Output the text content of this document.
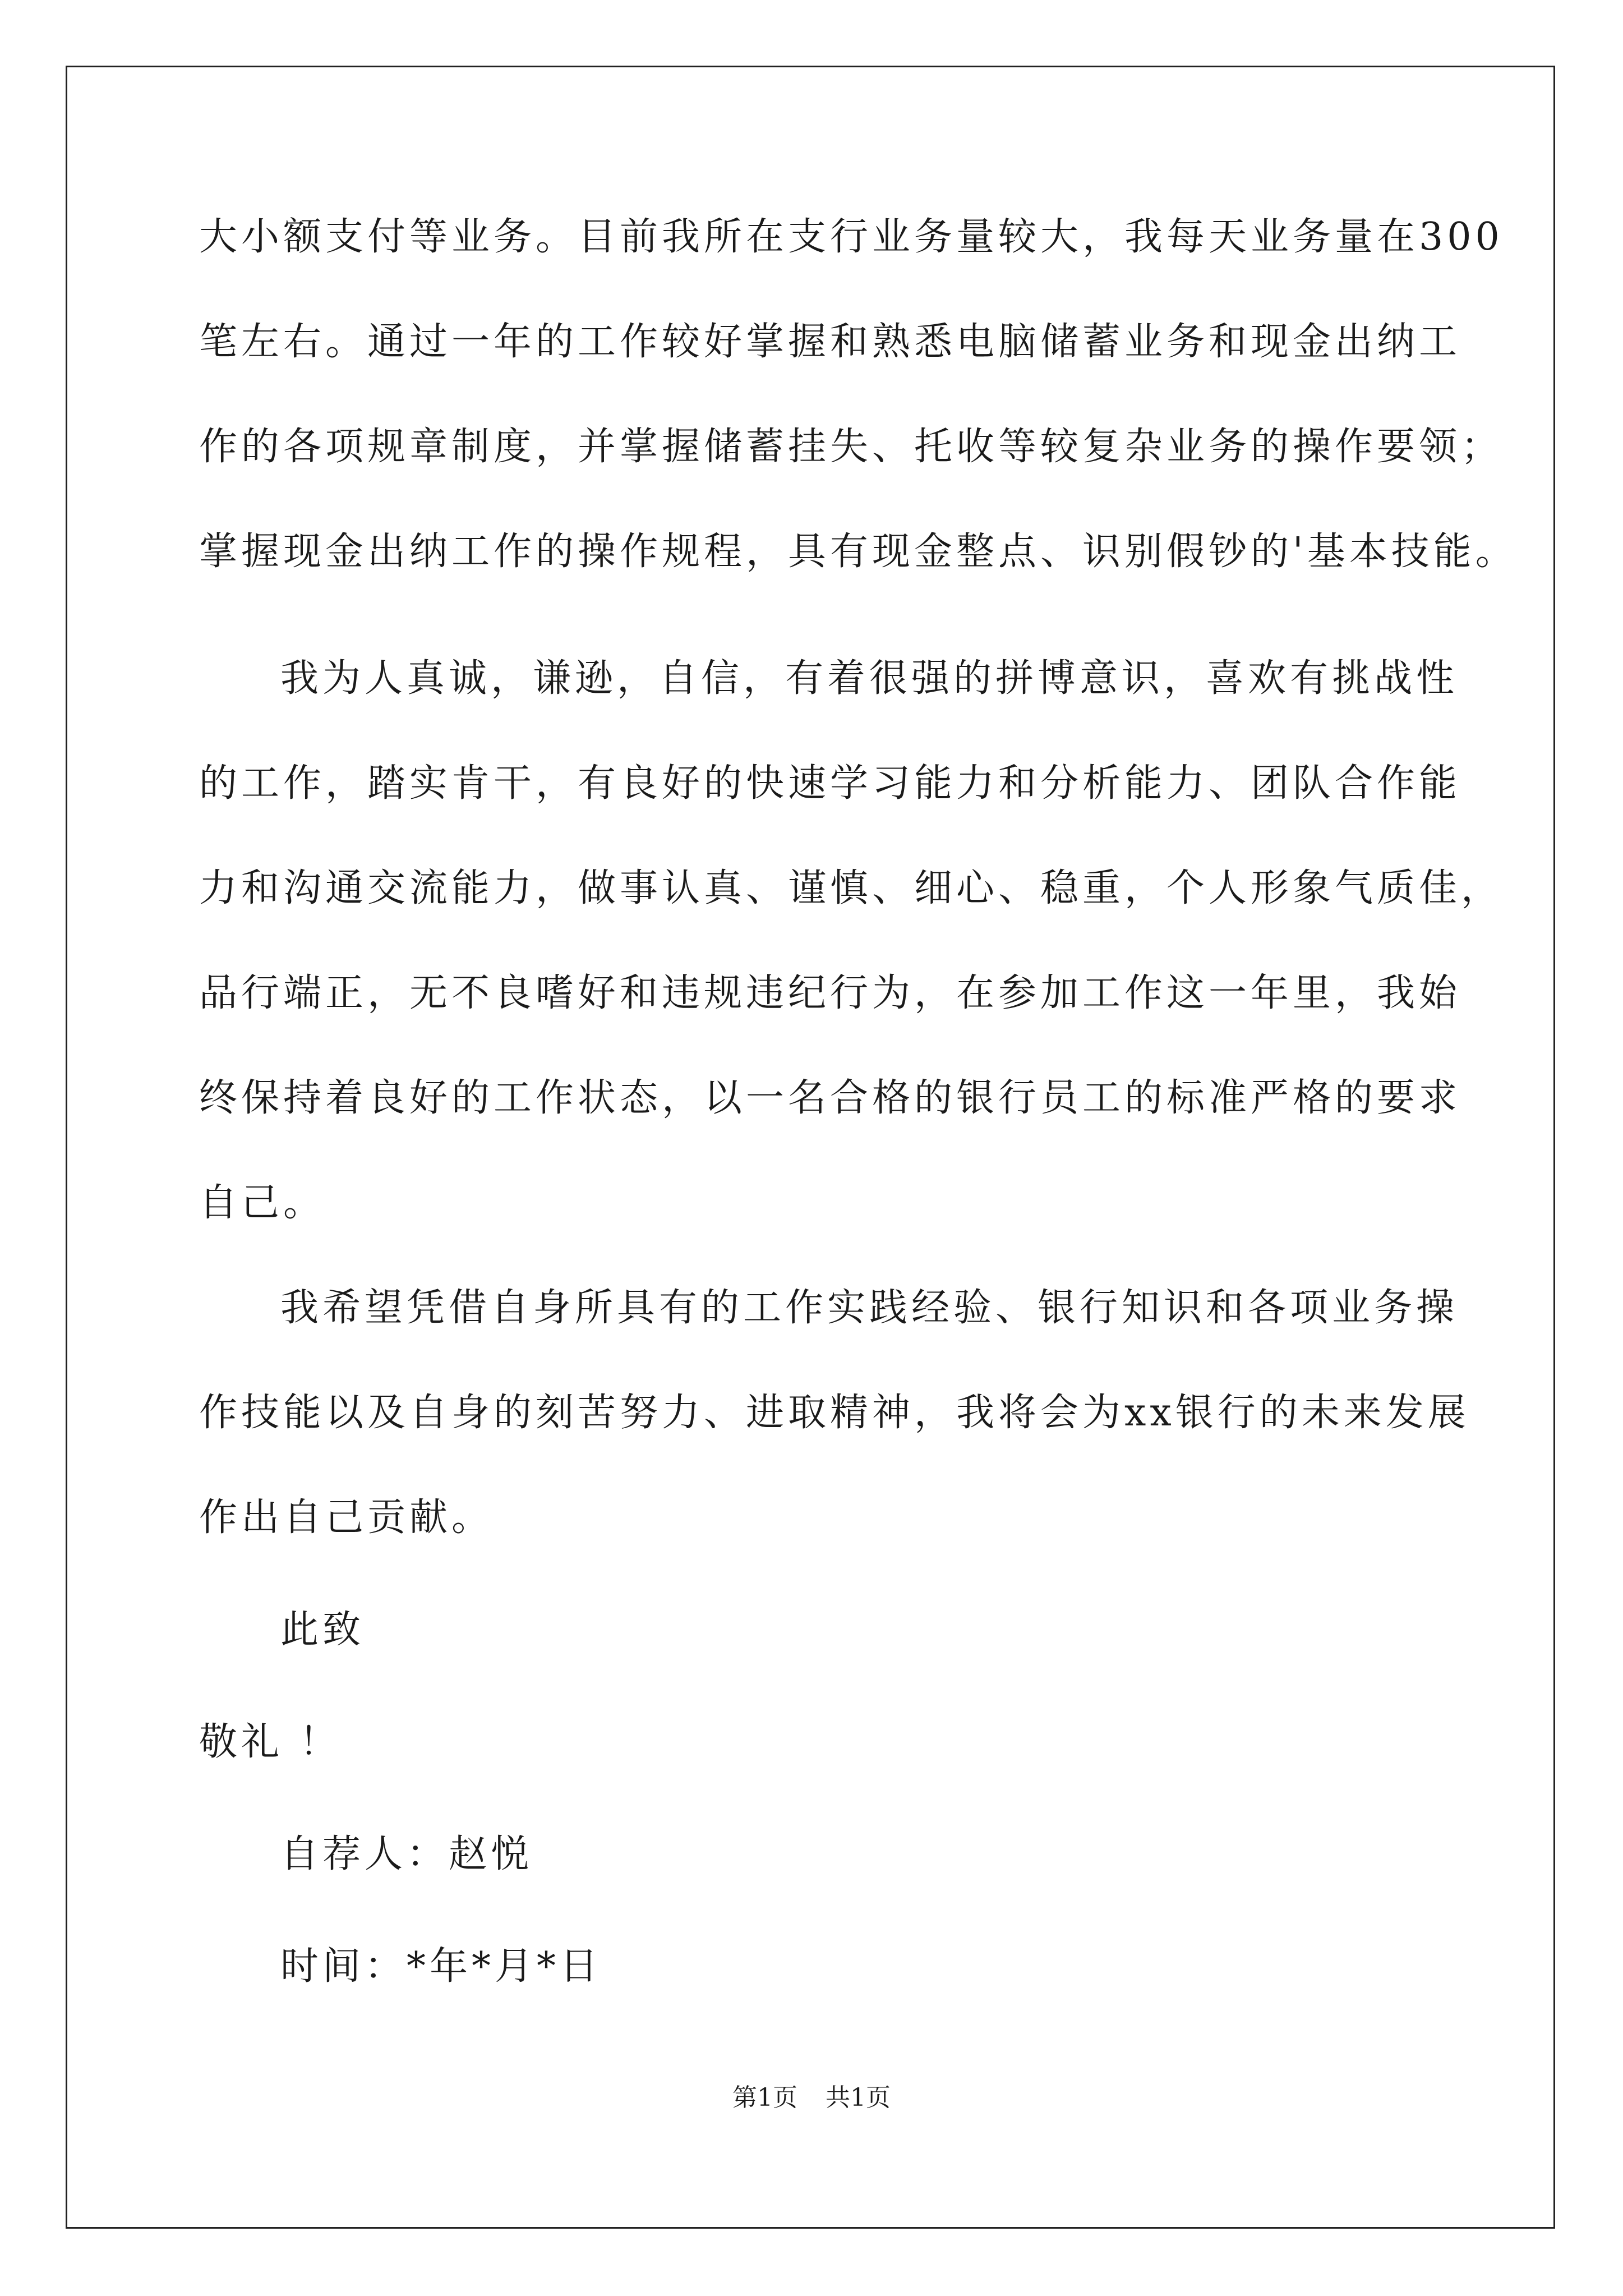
大小额支付等业务。目前我所在支行业务量较大，我每天业务量在300
笔左右。通过一年的工作较好掌握和熟悉电脑储蓄业务和现金出纳工
作的各项规章制度，并掌握储蓄挂失、托收等较复杂业务的操作要领；
掌握现金出纳工作的操作规程，具有现金整点、识别假钞的'基本技能。
我为人真诚，谦逊，自信，有着很强的拼博意识，喜欢有挑战性
的工作，踏实肯干，有良好的快速学习能力和分析能力、团队合作能
力和沟通交流能力，做事认真、谨慎、细心、稳重，个人形象气质佳，
品行端正，无不良嗜好和违规违纪行为，在参加工作这一年里，我始
终保持着良好的工作状态，以一名合格的银行员工的标准严格的要求
自己。
我希望凭借自身所具有的工作实践经验、银行知识和各项业务操
作技能以及自身的刻苦努力、进取精神，我将会为xx银行的未来发展
作出自己贡献。
此致
敬礼 ！
自荐人：赵悦
时间：*年*月*日
第1页 共1页
